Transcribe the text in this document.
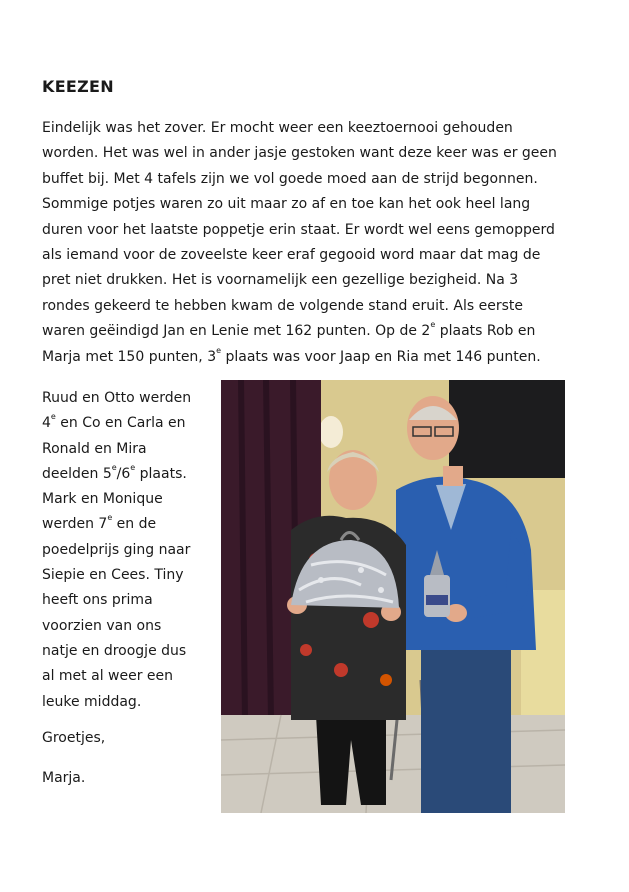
KEEZEN

Eindelijk was het zover. Er mocht weer een keeztoernooi gehouden
worden. Het was wel in ander jasje gestoken want deze keer was er geen
buffet bij. Met 4 tafels zijn we vol goede moed aan de strijd begonnen.
Sommige potjes waren zo uit maar zo af en toe kan het ook heel lang
duren voor het laatste poppetje erin staat. Er wordt wel eens gemopperd
als iemand voor de zoveelste keer eraf gegooid word maar dat mag de
pret niet drukken. Het is voornamelijk een gezellige bezigheid. Na 3
rondes gekeerd te hebben kwam de volgende stand eruit. Als eerste
waren geëindigd Jan en Lenie met 162 punten. Op de 2e plaats Rob en
Marja met 150 punten, 3e plaats was voor Jaap en Ria met 146 punten.

Ruud en Otto werden
4e en Co en Carla en
Ronald en Mira
deelden 5e/6e plaats.
Mark en Monique
werden 7e en de
poedelprijs ging naar
Siepie en Cees. Tiny
heeft ons prima
voorzien van ons
natje en droogje dus
al met al weer een
leuke middag.

Groetjes,
Marja.
